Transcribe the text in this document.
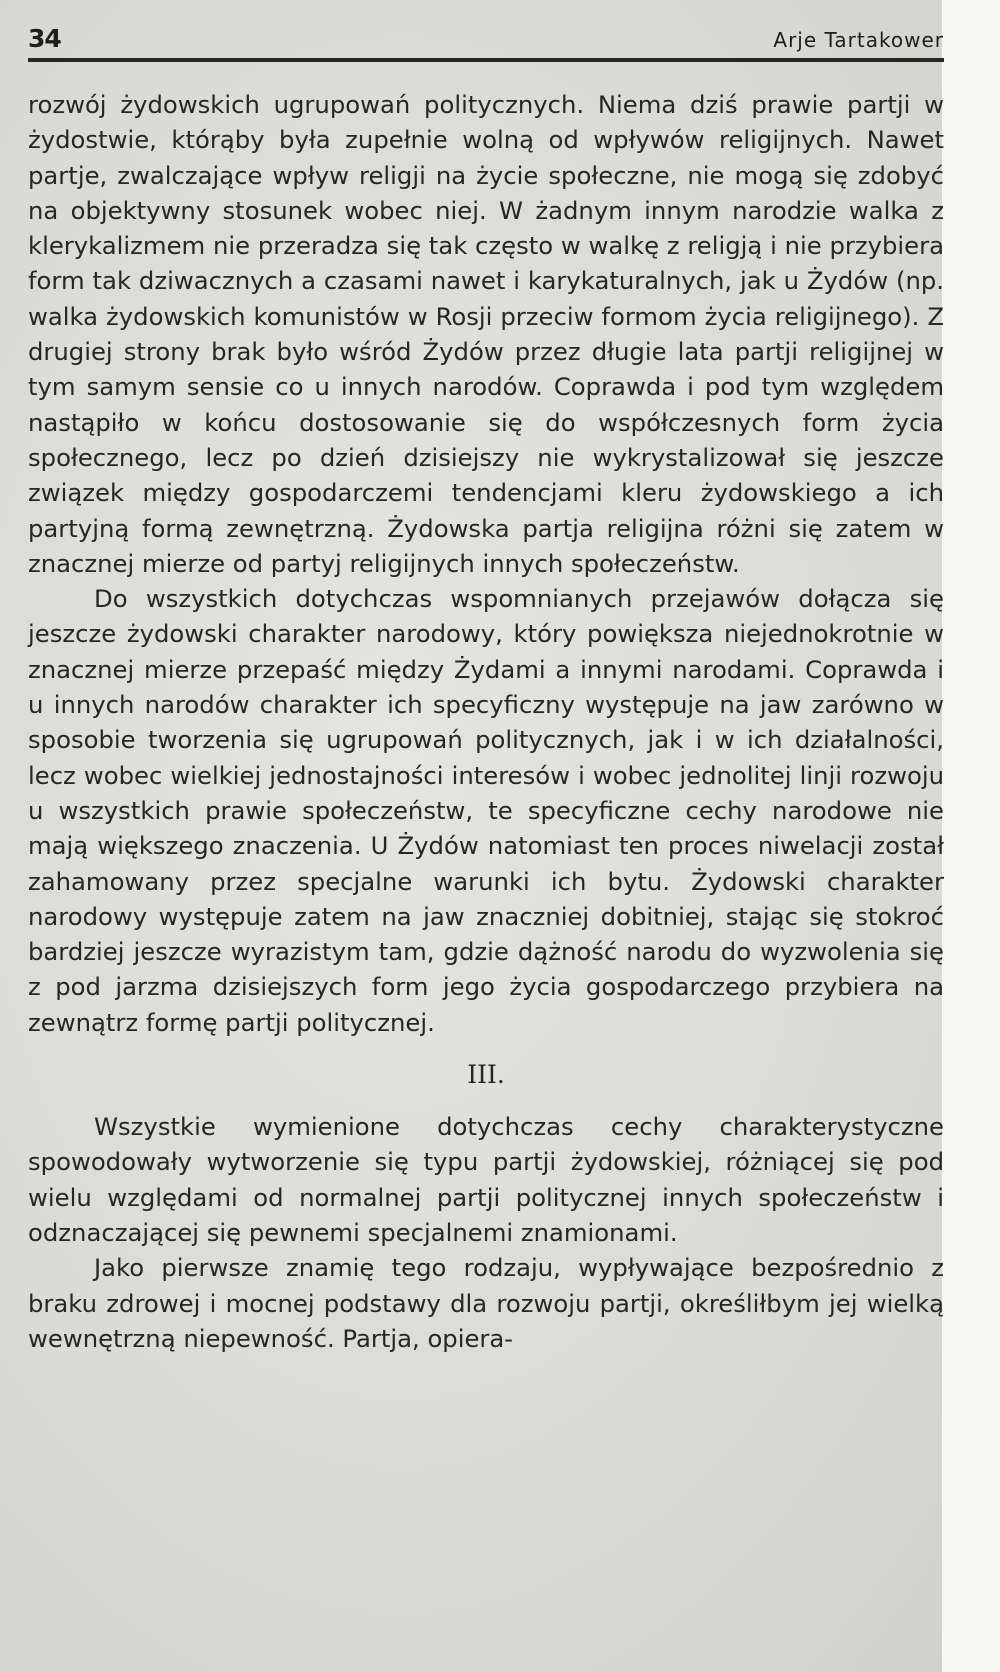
34	Arje Tartakower

rozwój żydowskich ugrupowań politycznych. Niema dziś prawie partji w żydostwie, którąby była zupełnie wolną od wpływów religijnych. Nawet partje, zwalczające wpływ religji na życie społeczne, nie mogą się zdobyć na objektywny stosunek wobec niej. W żadnym innym narodzie walka z klerykalizmem nie przeradza się tak często w walkę z religją i nie przybiera form tak dziwacznych a czasami nawet i karykaturalnych, jak u Żydów (np. walka żydowskich komunistów w Rosji przeciw formom życia religijnego). Z drugiej strony brak było wśród Żydów przez długie lata partji religijnej w tym samym sensie co u innych narodów. Coprawda i pod tym względem nastąpiło w końcu dostosowanie się do współczesnych form życia społecznego, lecz po dzień dzisiejszy nie wykrystalizował się jeszcze związek między gospodarczemi tendencjami kleru żydowskiego a ich partyjną formą zewnętrzną. Żydowska partja religijna różni się zatem w znacznej mierze od partyj religijnych innych społeczeństw.

Do wszystkich dotychczas wspomnianych przejawów dołącza się jeszcze żydowski charakter narodowy, który powiększa niejednokrotnie w znacznej mierze przepaść między Żydami a innymi narodami. Coprawda i u innych narodów charakter ich specyficzny występuje na jaw zarówno w sposobie tworzenia się ugrupowań politycznych, jak i w ich działalności, lecz wobec wielkiej jednostajności interesów i wobec jednolitej linji rozwoju u wszystkich prawie społeczeństw, te specyficzne cechy narodowe nie mają większego znaczenia. U Żydów natomiast ten proces niwelacji został zahamowany przez specjalne warunki ich bytu. Żydowski charakter narodowy występuje zatem na jaw znaczniej dobitniej, stając się stokroć bardziej jeszcze wyrazistym tam, gdzie dążność narodu do wyzwolenia się z pod jarzma dzisiejszych form jego życia gospodarczego przybiera na zewnątrz formę partji politycznej.

III.

Wszystkie wymienione dotychczas cechy charakterystyczne spowodowały wytworzenie się typu partji żydowskiej, różniącej się pod wielu względami od normalnej partji politycznej innych społeczeństw i odznaczającej się pewnemi specjalnemi znamionami.

Jako pierwsze znamię tego rodzaju, wypływające bezpośrednio z braku zdrowej i mocnej podstawy dla rozwoju partji, określiłbym jej wielką wewnętrzną niepewność. Partja, opiera-
